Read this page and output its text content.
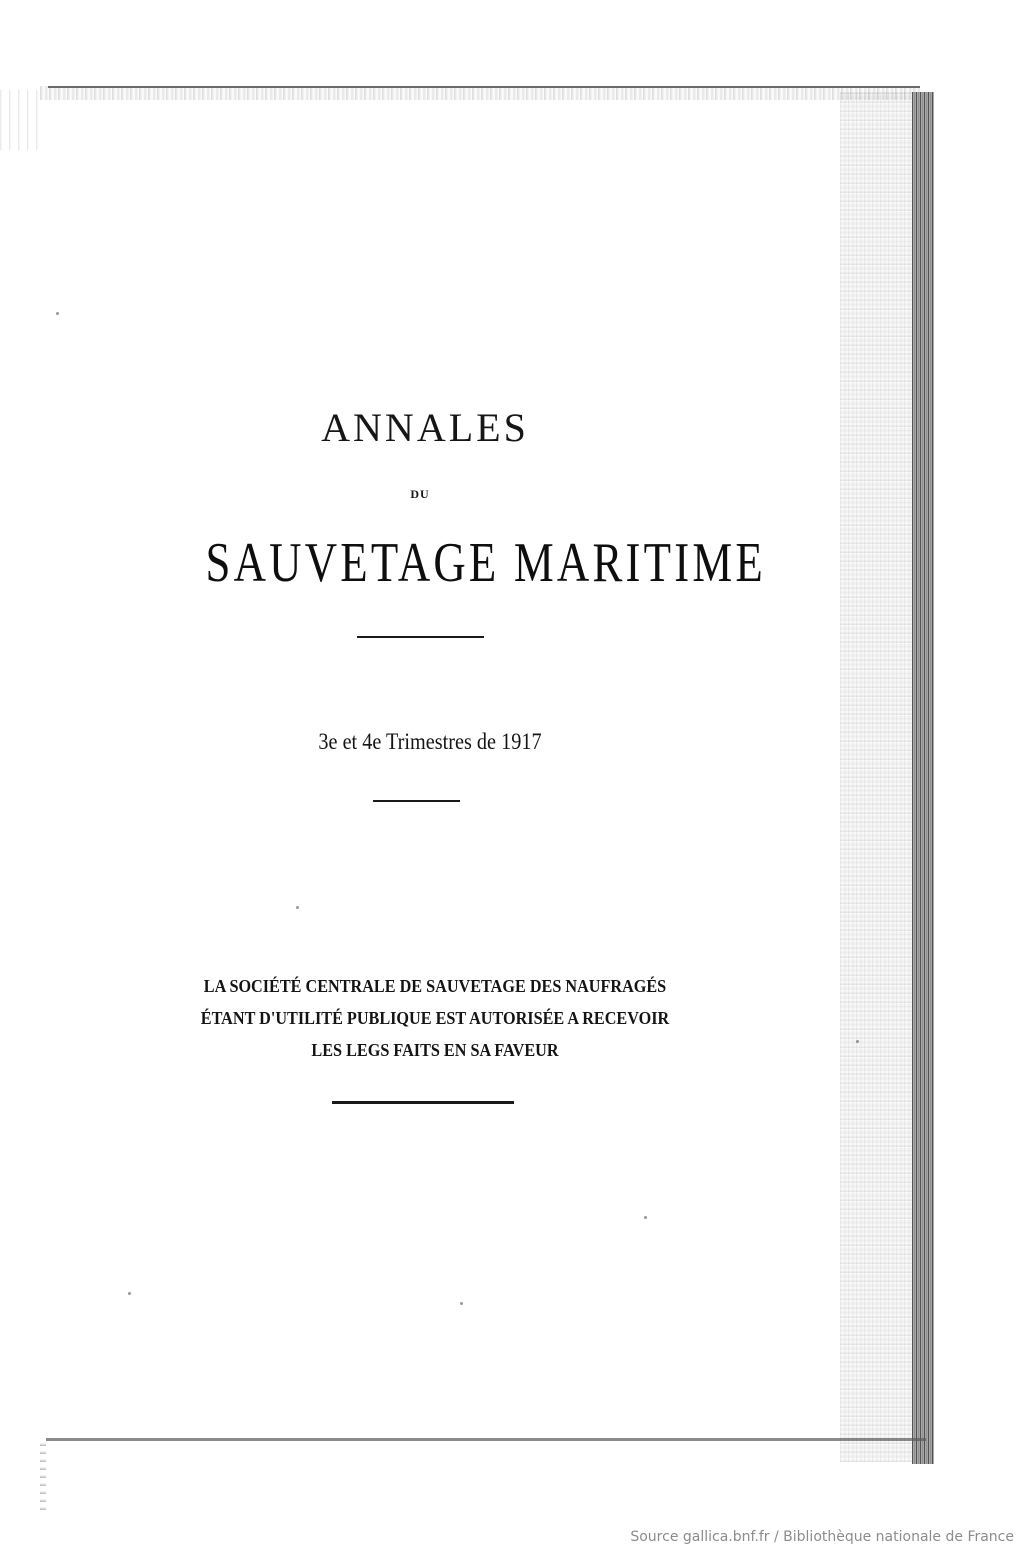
ANNALES
DU
SAUVETAGE MARITIME
3e et 4e Trimestres de 1917
LA SOCIÉTÉ CENTRALE DE SAUVETAGE DES NAUFRAGÉS
ÉTANT D'UTILITÉ PUBLIQUE EST AUTORISÉE A RECEVOIR
LES LEGS FAITS EN SA FAVEUR
Source gallica.bnf.fr / Bibliothèque nationale de France
